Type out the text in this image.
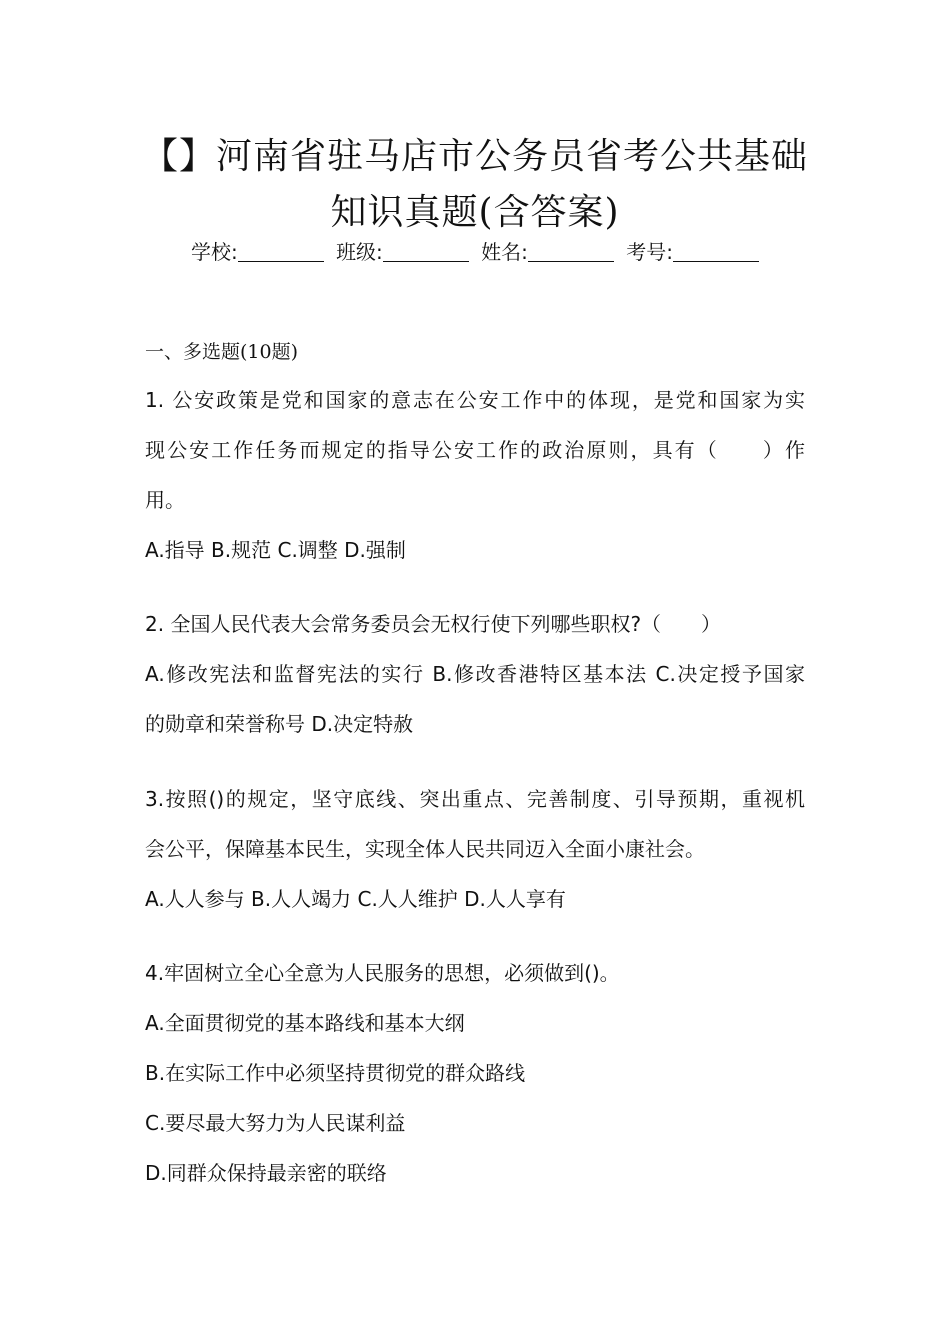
【】河南省驻马店市公务员省考公共基础
知识真题(含答案)
学校:	班级:	姓名:	考号:
一、多选题(10题)
1. 公安政策是党和国家的意志在公安工作中的体现，是党和国家为实
现公安工作任务而规定的指导公安工作的政治原则，具有（　　）作
用。
A.指导 B.规范 C.调整 D.强制
2. 全国人民代表大会常务委员会无权行使下列哪些职权?（　　）
A.修改宪法和监督宪法的实行 B.修改香港特区基本法 C.决定授予国家
的勋章和荣誉称号 D.决定特赦
3.按照()的规定，坚守底线、突出重点、完善制度、引导预期，重视机
会公平，保障基本民生，实现全体人民共同迈入全面小康社会。
A.人人参与 B.人人竭力 C.人人维护 D.人人享有
4.牢固树立全心全意为人民服务的思想，必须做到()。
A.全面贯彻党的基本路线和基本大纲
B.在实际工作中必须坚持贯彻党的群众路线
C.要尽最大努力为人民谋利益
D.同群众保持最亲密的联络
